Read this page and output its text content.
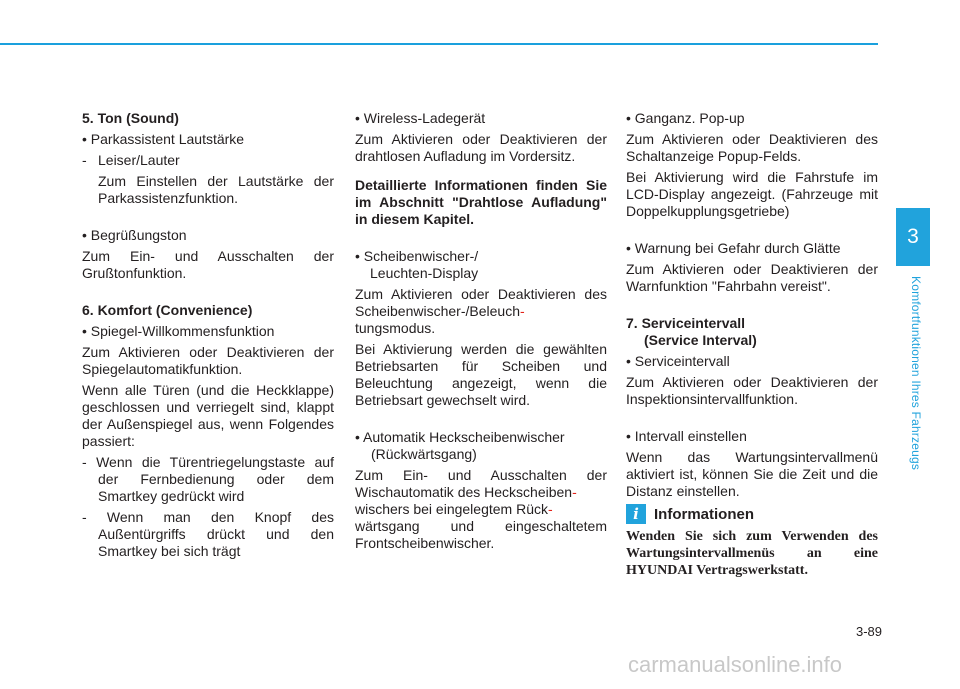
3
Komfortfunktionen Ihres Fahrzeugs

5. Ton (Sound)

• Parkassistent Lautstärke

- Leiser/Lauter

Zum Einstellen der Lautstärke der Parkassistenzfunktion.

• Begrüßungston

Zum Ein- und Ausschalten der Grußtonfunktion.

6. Komfort (Convenience)

• Spiegel-Willkommensfunktion

Zum Aktivieren oder Deaktivieren der Spiegelautomatikfunktion.

Wenn alle Türen (und die Heckklappe) geschlossen und verriegelt sind, klappt der Außenspiegel aus, wenn Folgendes passiert:

- Wenn die Türentriegelungstaste auf der Fernbedienung oder dem Smartkey gedrückt wird

- Wenn man den Knopf des Außentürgriffs drückt und den Smartkey bei sich trägt

• Wireless-Ladegerät

Zum Aktivieren oder Deaktivieren der drahtlosen Aufladung im Vordersitz.

Detaillierte Informationen finden Sie im Abschnitt "Drahtlose Aufladung" in diesem Kapitel.

• Scheibenwischer-/

Leuchten-Display

Zum Aktivieren oder Deaktivieren des Scheibenwischer-/Beleuch-
tungsmodus.

Bei Aktivierung werden die gewählten Betriebsarten für Scheiben und Beleuchtung angezeigt, wenn die Betriebsart gewechselt wird.

• Automatik Heckscheibenwischer

(Rückwärtsgang)

Zum Ein- und Ausschalten der Wischautomatik des Heckscheiben-
wischers bei eingelegtem Rück-
wärtsgang und eingeschaltetem Frontscheibenwischer.

• Ganganz. Pop-up

Zum Aktivieren oder Deaktivieren des Schaltanzeige Popup-Felds.

Bei Aktivierung wird die Fahrstufe im LCD-Display angezeigt. (Fahrzeuge mit Doppelkupplungsgetriebe)

• Warnung bei Gefahr durch Glätte

Zum Aktivieren oder Deaktivieren der Warnfunktion "Fahrbahn vereist".

7. Serviceintervall

(Service Interval)

• Serviceintervall

Zum Aktivieren oder Deaktivieren der Inspektionsintervallfunktion.

• Intervall einstellen

Wenn das Wartungsintervallmenü aktiviert ist, können Sie die Zeit und die Distanz einstellen.

i	Informationen

Wenden Sie sich zum Verwenden des Wartungsintervallmenüs an eine HYUNDAI Vertragswerkstatt.

3-89
carmanualsonline.info
